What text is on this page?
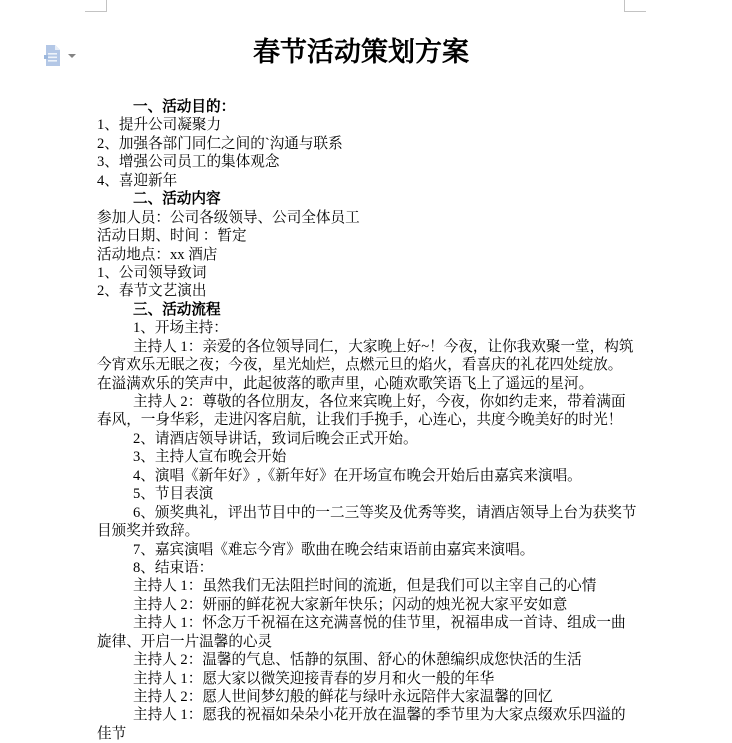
春节活动策划方案
一、活动目的：
1、提升公司凝聚力
2、加强各部门同仁之间的`沟通与联系
3、增强公司员工的集体观念
4、喜迎新年
二、活动内容
参加人员：公司各级领导、公司全体员工
活动日期、时间 ：暂定
活动地点：xx 酒店
1、公司领导致词
2、春节文艺演出
三、活动流程
1、开场主持：
主持人 1：亲爱的各位领导同仁，大家晚上好~！今夜，让你我欢聚一堂，构筑
今宵欢乐无眠之夜；今夜，星光灿烂，点燃元旦的焰火，看喜庆的礼花四处绽放。
在溢满欢乐的笑声中，此起彼落的歌声里，心随欢歌笑语飞上了遥远的星河。
主持人 2：尊敬的各位朋友，各位来宾晚上好，今夜，你如约走来，带着满面
春风，一身华彩，走进闪客启航，让我们手挽手，心连心，共度今晚美好的时光！
2、请酒店领导讲话，致词后晚会正式开始。
3、主持人宣布晚会开始
4、演唱《新年好》,《新年好》在开场宣布晚会开始后由嘉宾来演唱。
5、节目表演
6、颁奖典礼，评出节目中的一二三等奖及优秀等奖，请酒店领导上台为获奖节
目颁奖并致辞。
7、嘉宾演唱《难忘今宵》歌曲在晚会结束语前由嘉宾来演唱。
8、结束语：
主持人 1：虽然我们无法阻拦时间的流逝，但是我们可以主宰自己的心情
主持人 2：妍丽的鲜花祝大家新年快乐；闪动的烛光祝大家平安如意
主持人 1：怀念万千祝福在这充满喜悦的佳节里，祝福串成一首诗、组成一曲
旋律、开启一片温馨的心灵
主持人 2：温馨的气息、恬静的氛围、舒心的休憩编织成您快活的生活
主持人 1：愿大家以微笑迎接青春的岁月和火一般的年华
主持人 2：愿人世间梦幻般的鲜花与绿叶永远陪伴大家温馨的回忆
主持人 1：愿我的祝福如朵朵小花开放在温馨的季节里为大家点缀欢乐四溢的
佳节
